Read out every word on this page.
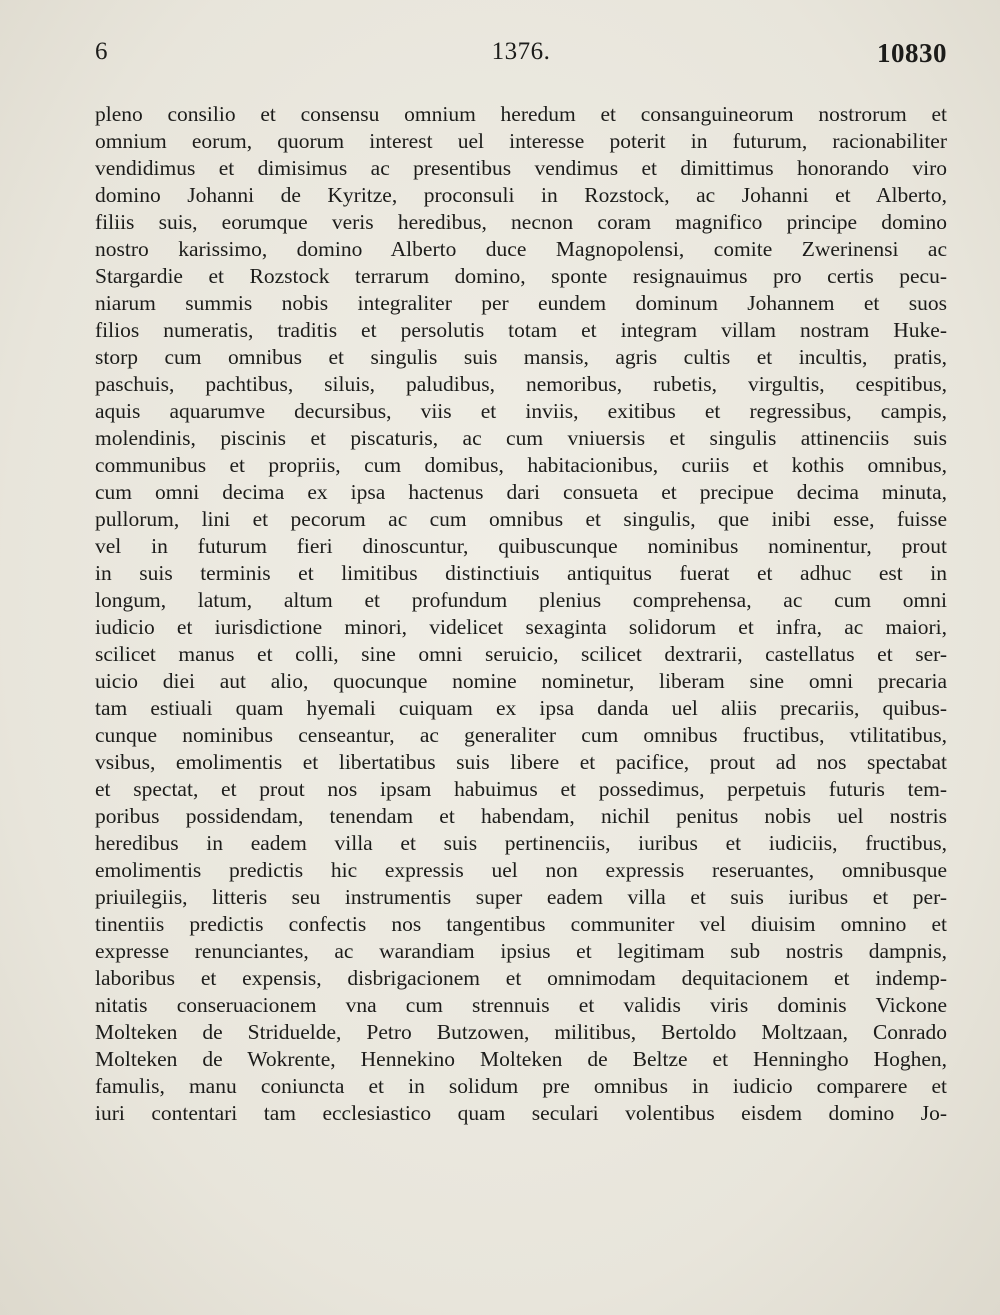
1376.
6	10830
pleno consilio et consensu omnium heredum et consanguineorum nostrorum et
omnium eorum, quorum interest uel interesse poterit in futurum, racionabiliter
vendidimus et dimisimus ac presentibus vendimus et dimittimus honorando viro
domino Johanni de Kyritze, proconsuli in Rozstock, ac Johanni et Alberto,
filiis suis, eorumque veris heredibus, necnon coram magnifico principe domino
nostro karissimo, domino Alberto duce Magnopolensi, comite Zwerinensi ac
Stargardie et Rozstock terrarum domino, sponte resignauimus pro certis pecu-
niarum summis nobis integraliter per eundem dominum Johannem et suos
filios numeratis, traditis et persolutis totam et integram villam nostram Huke-
storp cum omnibus et singulis suis mansis, agris cultis et incultis, pratis,
paschuis, pachtibus, siluis, paludibus, nemoribus, rubetis, virgultis, cespitibus,
aquis aquarumve decursibus, viis et inviis, exitibus et regressibus, campis,
molendinis, piscinis et piscaturis, ac cum vniuersis et singulis attinenciis suis
communibus et propriis, cum domibus, habitacionibus, curiis et kothis omnibus,
cum omni decima ex ipsa hactenus dari consueta et precipue decima minuta,
pullorum, lini et pecorum ac cum omnibus et singulis, que inibi esse, fuisse
vel in futurum fieri dinoscuntur, quibuscunque nominibus nominentur, prout
in suis terminis et limitibus distinctiuis antiquitus fuerat et adhuc est in
longum, latum, altum et profundum plenius comprehensa, ac cum omni
iudicio et iurisdictione minori, videlicet sexaginta solidorum et infra, ac maiori,
scilicet manus et colli, sine omni seruicio, scilicet dextrarii, castellatus et ser-
uicio diei aut alio, quocunque nomine nominetur, liberam sine omni precaria
tam estiuali quam hyemali cuiquam ex ipsa danda uel aliis precariis, quibus-
cunque nominibus censeantur, ac generaliter cum omnibus fructibus, vtilitatibus,
vsibus, emolimentis et libertatibus suis libere et pacifice, prout ad nos spectabat
et spectat, et prout nos ipsam habuimus et possedimus, perpetuis futuris tem-
poribus possidendam, tenendam et habendam, nichil penitus nobis uel nostris
heredibus in eadem villa et suis pertinenciis, iuribus et iudiciis, fructibus,
emolimentis predictis hic expressis uel non expressis reseruantes, omnibusque
priuilegiis, litteris seu instrumentis super eadem villa et suis iuribus et per-
tinentiis predictis confectis nos tangentibus communiter vel diuisim omnino et
expresse renunciantes, ac warandiam ipsius et legitimam sub nostris dampnis,
laboribus et expensis, disbrigacionem et omnimodam dequitacionem et indemp-
nitatis conseruacionem vna cum strennuis et validis viris dominis Vickone
Molteken de Striduelde, Petro Butzowen, militibus, Bertoldo Moltzaan, Conrado
Molteken de Wokrente, Hennekino Molteken de Beltze et Henningho Hoghen,
famulis, manu coniuncta et in solidum pre omnibus in iudicio comparere et
iuri contentari tam ecclesiastico quam seculari volentibus eisdem domino Jo-
